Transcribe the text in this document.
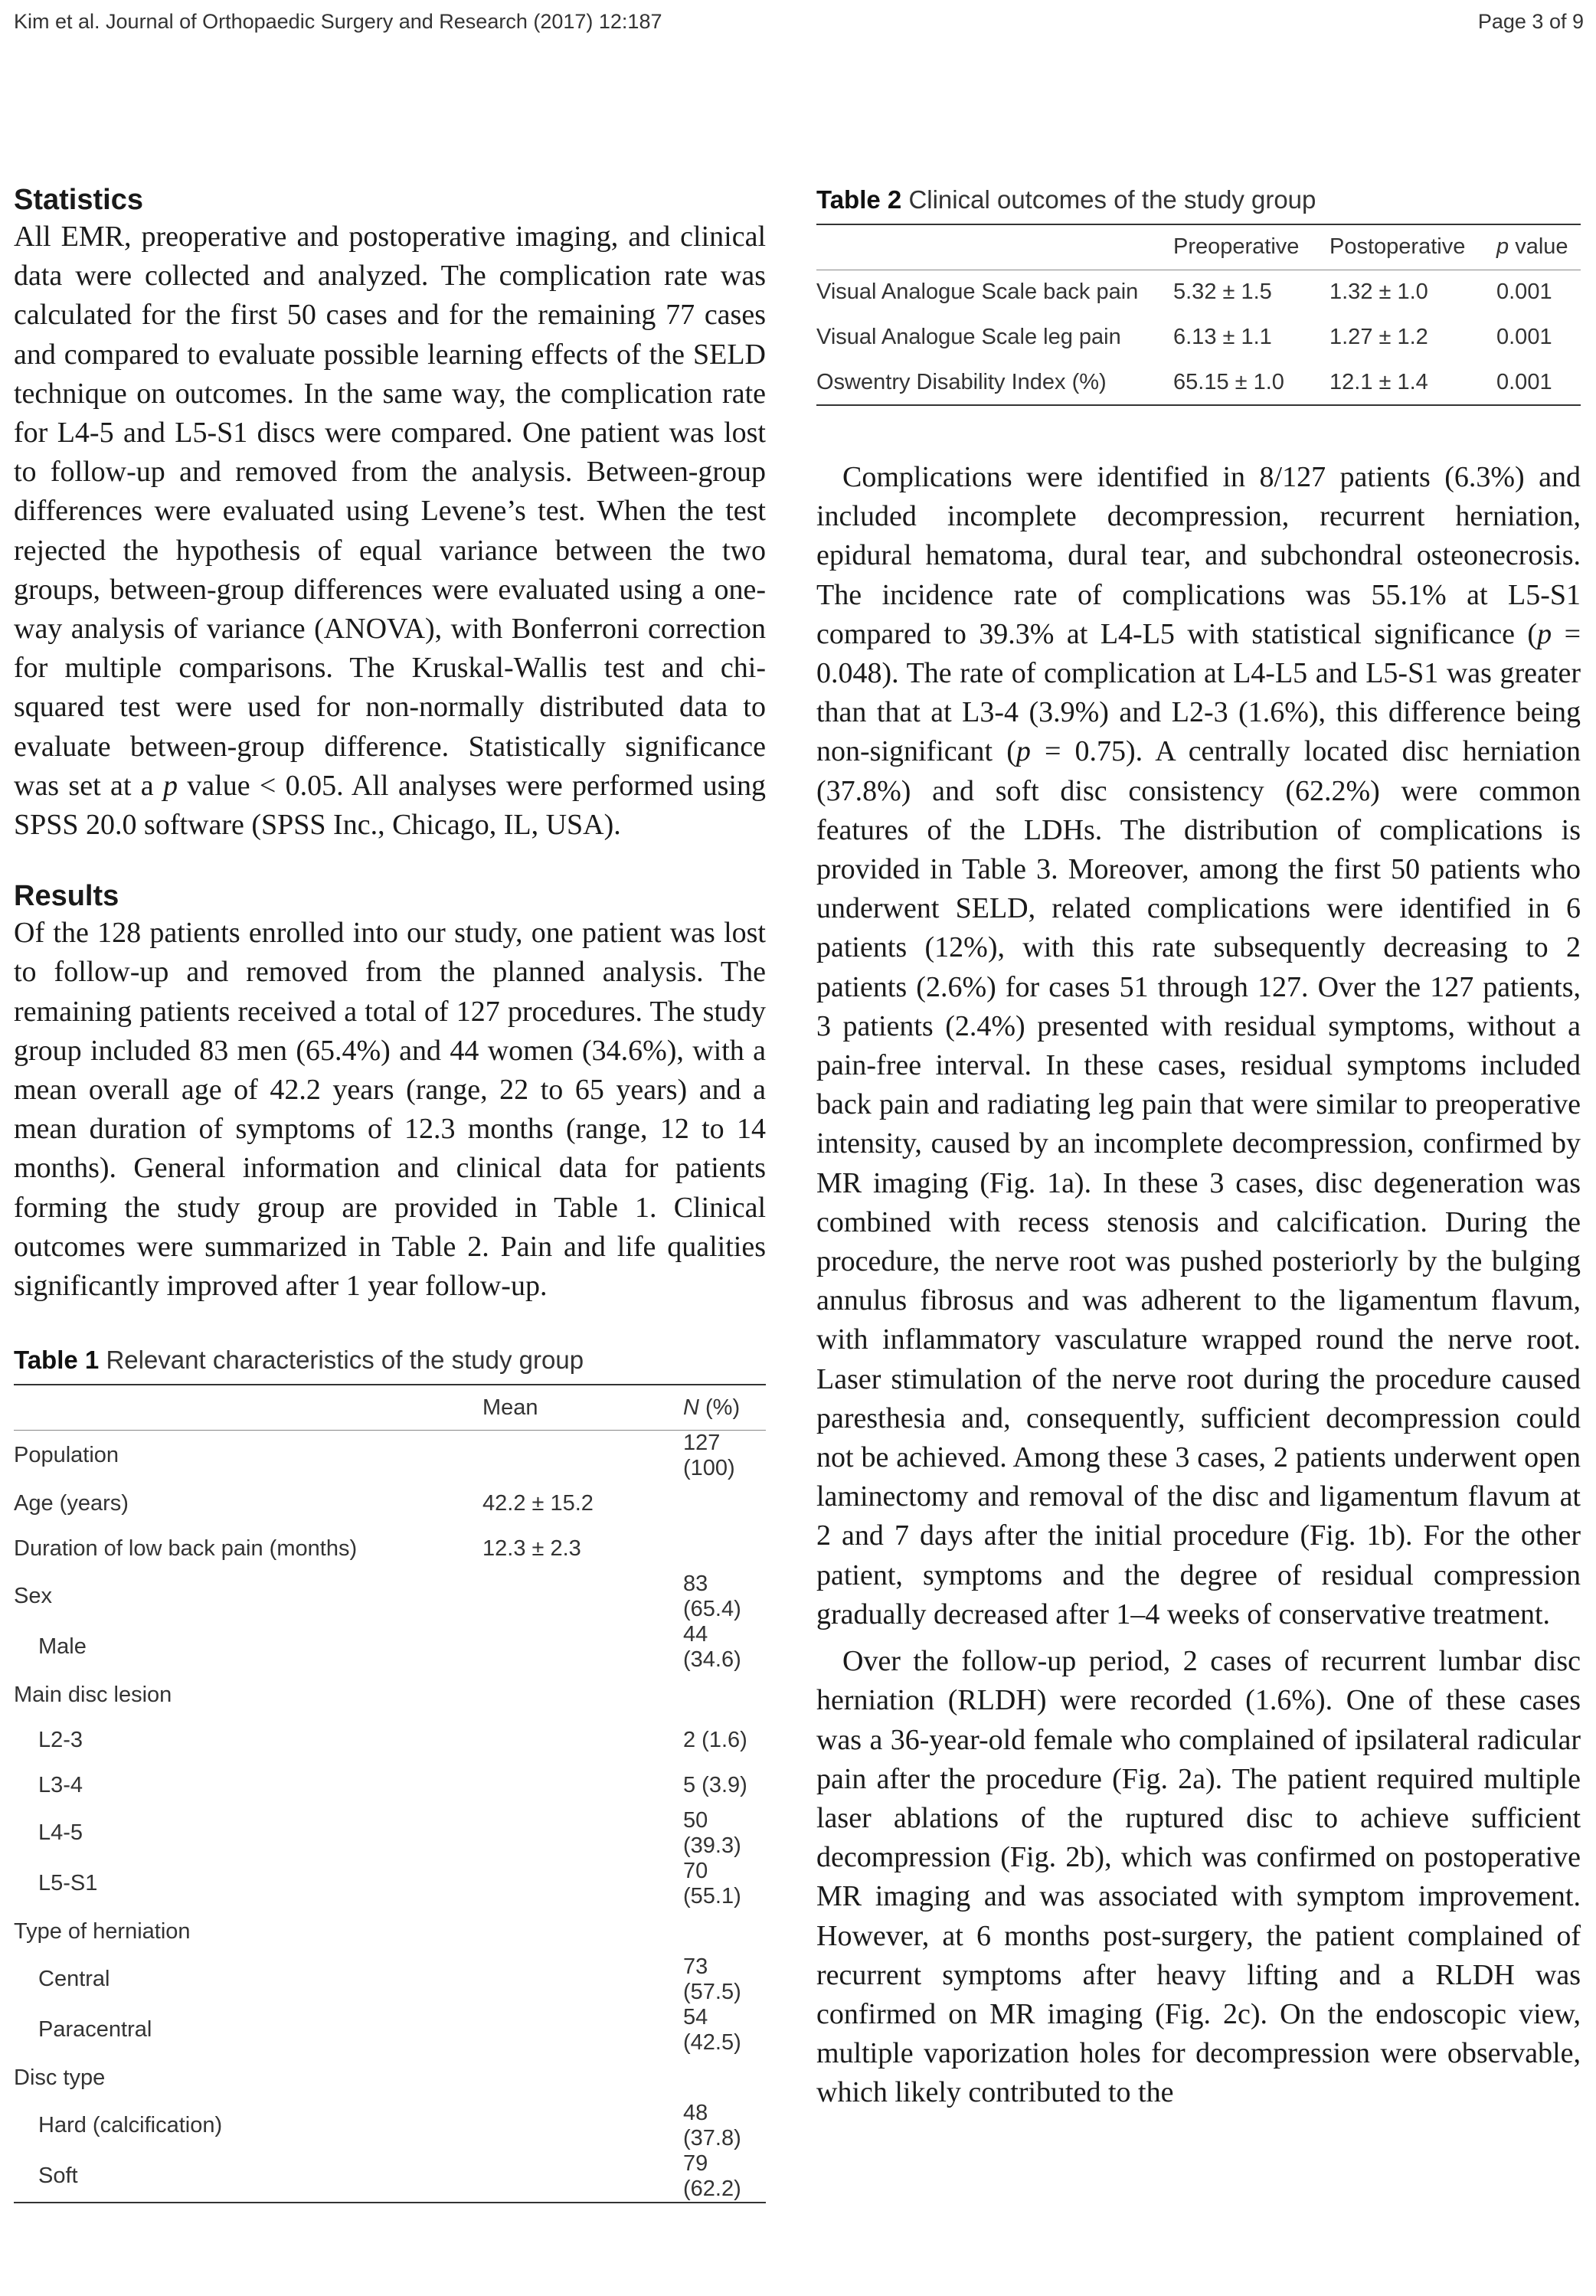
Kim et al. Journal of Orthopaedic Surgery and Research (2017) 12:187	Page 3 of 9
Statistics

All EMR, preoperative and postoperative imaging, and clinical data were collected and analyzed. The complication rate was calculated for the first 50 cases and for the remaining 77 cases and compared to evaluate possible learning effects of the SELD technique on outcomes. In the same way, the complication rate for L4-5 and L5-S1 discs were compared. One patient was lost to follow-up and removed from the analysis. Between-group differences were evaluated using Levene’s test. When the test rejected the hypothesis of equal variance between the two groups, between-group differences were evaluated using a one-way analysis of variance (ANOVA), with Bonferroni correction for multiple comparisons. The Kruskal-Wallis test and chi-squared test were used for non-normally distributed data to evaluate between-group difference. Statistically significance was set at a p value < 0.05. All analyses were performed using SPSS 20.0 software (SPSS Inc., Chicago, IL, USA).

Results

Of the 128 patients enrolled into our study, one patient was lost to follow-up and removed from the planned analysis. The remaining patients received a total of 127 procedures. The study group included 83 men (65.4%) and 44 women (34.6%), with a mean overall age of 42.2 years (range, 22 to 65 years) and a mean duration of symptoms of 12.3 months (range, 12 to 14 months). General information and clinical data for patients forming the study group are provided in Table 1. Clinical outcomes were summarized in Table 2. Pain and life qualities significantly improved after 1 year follow-up.

Table 1 Relevant characteristics of the study group
	Mean	N (%)
Population		127 (100)
Age (years)	42.2 ± 15.2	
Duration of low back pain (months)	12.3 ± 2.3	
Sex		83 (65.4)
Male		44 (34.6)
Main disc lesion		
L2-3		2 (1.6)
L3-4		5 (3.9)
L4-5		50 (39.3)
L5-S1		70 (55.1)
Type of herniation		
Central		73 (57.5)
Paracentral		54 (42.5)
Disc type		
Hard (calcification)		48 (37.8)
Soft		79 (62.2)
Table 2 Clinical outcomes of the study group
	Preoperative	Postoperative	p value
Visual Analogue Scale back pain	5.32 ± 1.5	1.32 ± 1.0	0.001
Visual Analogue Scale leg pain	6.13 ± 1.1	1.27 ± 1.2	0.001
Oswentry Disability Index (%)	65.15 ± 1.0	12.1 ± 1.4	0.001

Complications were identified in 8/127 patients (6.3%) and included incomplete decompression, recurrent herniation, epidural hematoma, dural tear, and subchondral osteonecrosis. The incidence rate of complications was 55.1% at L5-S1 compared to 39.3% at L4-L5 with statistical significance (p = 0.048). The rate of complication at L4-L5 and L5-S1 was greater than that at L3-4 (3.9%) and L2-3 (1.6%), this difference being non-significant (p = 0.75). A centrally located disc herniation (37.8%) and soft disc consistency (62.2%) were common features of the LDHs. The distribution of complications is provided in Table 3. Moreover, among the first 50 patients who underwent SELD, related complications were identified in 6 patients (12%), with this rate subsequently decreasing to 2 patients (2.6%) for cases 51 through 127. Over the 127 patients, 3 patients (2.4%) presented with residual symptoms, without a pain-free interval. In these cases, residual symptoms included back pain and radiating leg pain that were similar to preoperative intensity, caused by an incomplete decompression, confirmed by MR imaging (Fig. 1a). In these 3 cases, disc degeneration was combined with recess stenosis and calcification. During the procedure, the nerve root was pushed posteriorly by the bulging annulus fibrosus and was adherent to the ligamentum flavum, with inflammatory vasculature wrapped round the nerve root. Laser stimulation of the nerve root during the procedure caused paresthesia and, consequently, sufficient decompression could not be achieved. Among these 3 cases, 2 patients underwent open laminectomy and removal of the disc and ligamentum flavum at 2 and 7 days after the initial procedure (Fig. 1b). For the other patient, symptoms and the degree of residual compression gradually decreased after 1–4 weeks of conservative treatment.

Over the follow-up period, 2 cases of recurrent lumbar disc herniation (RLDH) were recorded (1.6%). One of these cases was a 36-year-old female who complained of ipsilateral radicular pain after the procedure (Fig. 2a). The patient required multiple laser ablations of the ruptured disc to achieve sufficient decompression (Fig. 2b), which was confirmed on postoperative MR imaging and was associated with symptom improvement. However, at 6 months post-surgery, the patient complained of recurrent symptoms after heavy lifting and a RLDH was confirmed on MR imaging (Fig. 2c). On the endoscopic view, multiple vaporization holes for decompression were observable, which likely contributed to the
